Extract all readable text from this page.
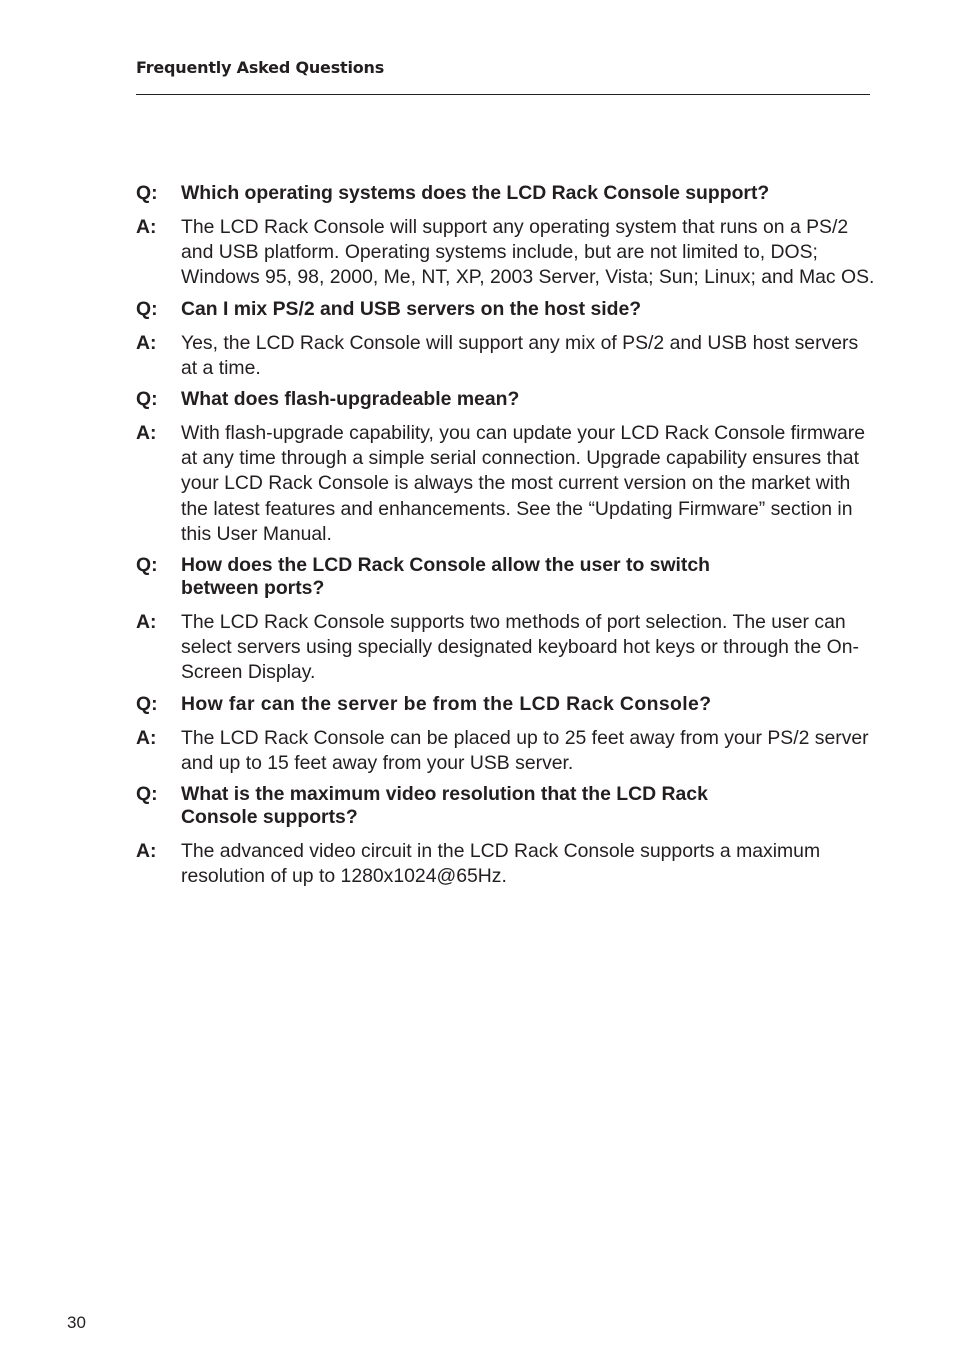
Frequently Asked Questions
Q:	Which operating systems does the LCD Rack Console support?
A:	The LCD Rack Console will support any operating system that runs on a PS/2 and USB platform. Operating systems include, but are not limited to, DOS; Windows 95, 98, 2000, Me, NT, XP, 2003 Server, Vista; Sun; Linux; and Mac OS.
Q:	Can I mix PS/2 and USB servers on the host side?
A:	Yes, the LCD Rack Console will support any mix of PS/2 and USB host servers at a time.
Q:	What does flash-upgradeable mean?
A:	With flash-upgrade capability, you can update your LCD Rack Console firmware at any time through a simple serial connection. Upgrade capability ensures that your LCD Rack Console is always the most current version on the market with the latest features and enhancements. See the “Updating Firmware” section in this User Manual.
Q:	How does the LCD Rack Console allow the user to switch
between ports?
A:	The LCD Rack Console supports two methods of port selection. The user can select servers using specially designated keyboard hot keys or through the On-Screen Display.
Q:	How far can the server be from the LCD Rack Console?
A:	The LCD Rack Console can be placed up to 25 feet away from your PS/2 server and up to 15 feet away from your USB server.
Q:	What is the maximum video resolution that the LCD Rack
Console supports?
A:	The advanced video circuit in the LCD Rack Console supports a maximum resolution of up to 1280x1024@65Hz.
30
